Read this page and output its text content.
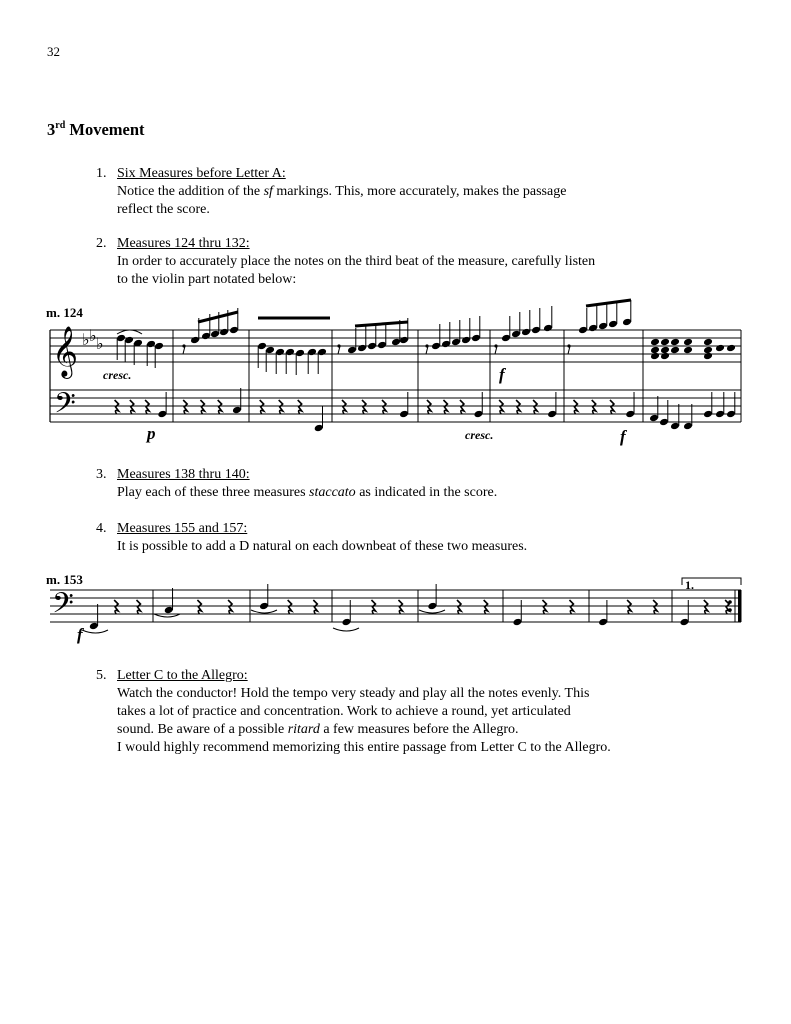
32
3rd Movement
1. Six Measures before Letter A:
Notice the addition of the sf markings. This, more accurately, makes the passage
reflect the score.
2. Measures 124 thru 132:
In order to accurately place the notes on the third beat of the measure, carefully listen
to the violin part notated below:
3. Measures 138 thru 140:
Play each of these three measures staccato as indicated in the score.
4. Measures 155 and 157:
It is possible to add a D natural on each downbeat of these two measures.
5. Letter C to the Allegro:
Watch the conductor! Hold the tempo very steady and play all the notes evenly. This
takes a lot of practice and concentration. Work to achieve a round, yet articulated
sound. Be aware of a possible ritard a few measures before the Allegro.
I would highly recommend memorizing this entire passage from Letter C to the Allegro.
m. 124
𝄞
𝄢
♭ ♭ ♭
cresc.
p	cresc.
f
f
m. 153
𝄢
f
1.
